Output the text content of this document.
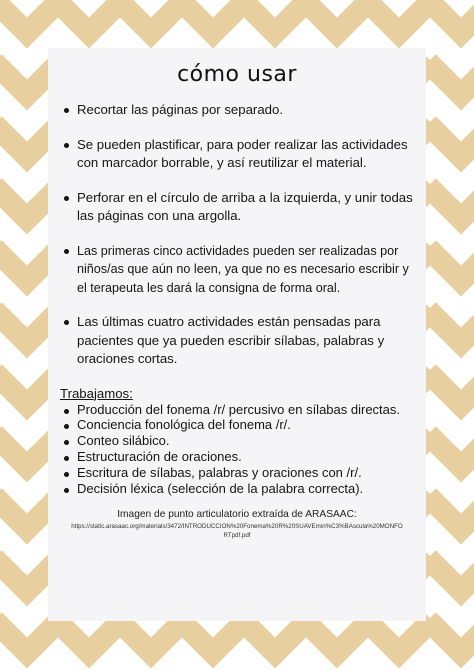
cómo usar
Recortar las páginas por separado.
Se pueden plastificar, para poder realizar las actividades con marcador borrable, y así reutilizar el material.
Perforar en el círculo de arriba a la izquierda, y unir todas las páginas con una argolla.
Las primeras cinco actividades pueden ser realizadas por niños/as que aún no leen, ya que no es necesario escribir y el terapeuta les dará la consigna de forma oral.
Las últimas cuatro actividades están pensadas para pacientes que ya pueden escribir sílabas, palabras y oraciones cortas.

Trabajamos:

Producción del fonema /r/ percusivo en sílabas directas.
Conciencia fonológica del fonema /r/.
Conteo silábico.
Estructuración de oraciones.
Escritura de sílabas, palabras y oraciones con /r/.
Decisión léxica (selección de la palabra correcta).

Imagen de punto articulatorio extraída de ARASAAC:

https://static.arasaac.org/materials/3472/INTRODUCCION%20Fonema%20R%20SUAVEmin%C3%BAscula%20MONFORTpdf.pdf
